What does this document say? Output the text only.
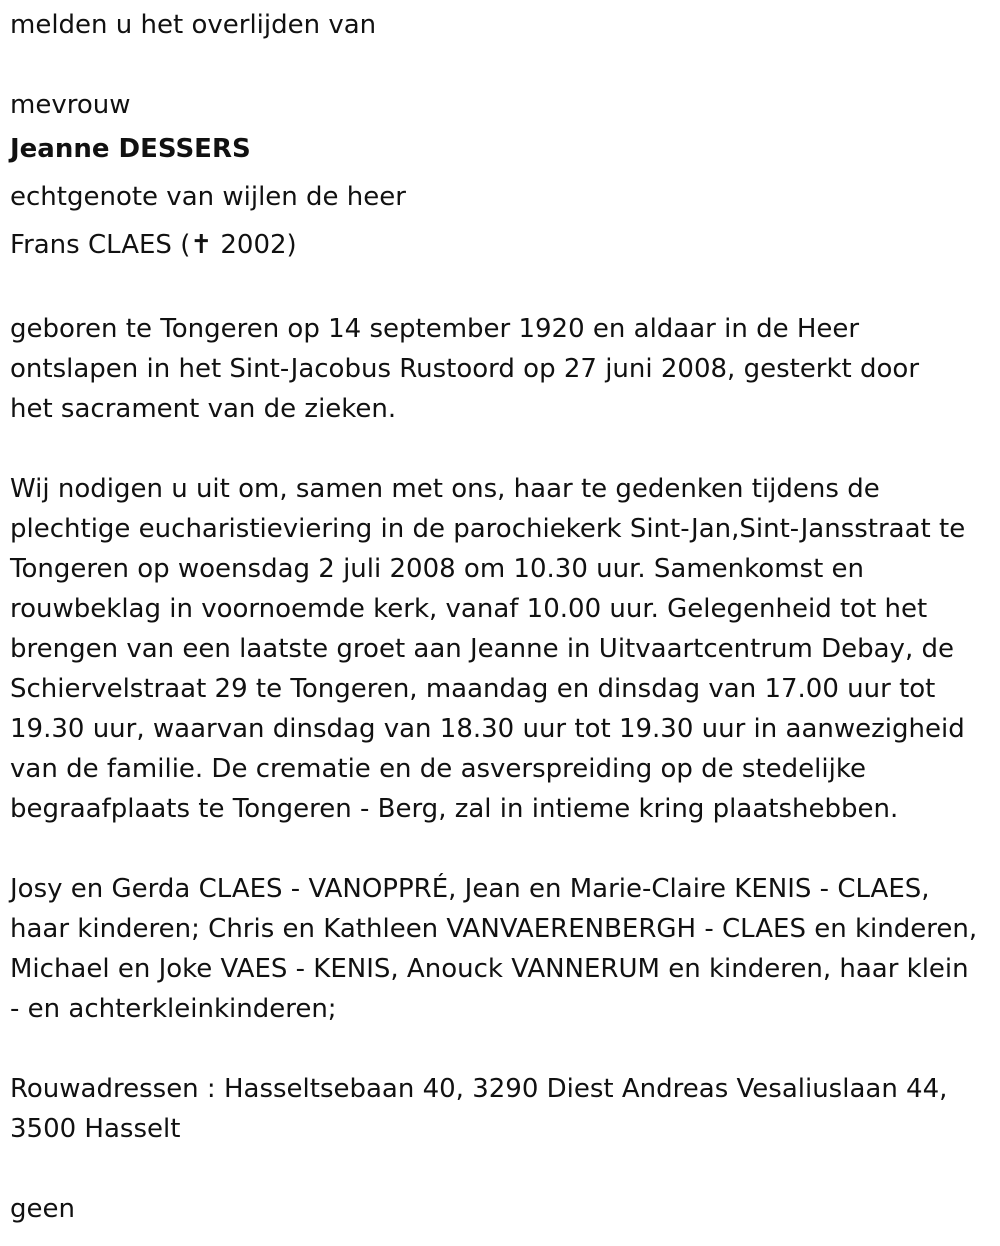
melden u het overlijden van
mevrouw
Jeanne DESSERS
echtgenote van wijlen de heer
Frans CLAES (✝ 2002)
geboren te Tongeren op 14 september 1920 en aldaar in de Heer
ontslapen in het Sint-Jacobus Rustoord op 27 juni 2008, gesterkt door
het sacrament van de zieken.
Wij nodigen u uit om, samen met ons, haar te gedenken tijdens de
plechtige eucharistieviering in de parochiekerk Sint-Jan,Sint-Jansstraat te
Tongeren op woensdag 2 juli 2008 om 10.30 uur. Samenkomst en
rouwbeklag in voornoemde kerk, vanaf 10.00 uur. Gelegenheid tot het
brengen van een laatste groet aan Jeanne in Uitvaartcentrum Debay, de
Schiervelstraat 29 te Tongeren, maandag en dinsdag van 17.00 uur tot
19.30 uur, waarvan dinsdag van 18.30 uur tot 19.30 uur in aanwezigheid
van de familie. De crematie en de asverspreiding op de stedelijke
begraafplaats te Tongeren - Berg, zal in intieme kring plaatshebben.
Josy en Gerda CLAES - VANOPPRÉ, Jean en Marie-Claire KENIS - CLAES,
haar kinderen; Chris en Kathleen VANVAERENBERGH - CLAES en kinderen,
Michael en Joke VAES - KENIS, Anouck VANNERUM en kinderen, haar klein
- en achterkleinkinderen;
Rouwadressen : Hasseltsebaan 40, 3290 Diest Andreas Vesaliuslaan 44,
3500 Hasselt
geen
